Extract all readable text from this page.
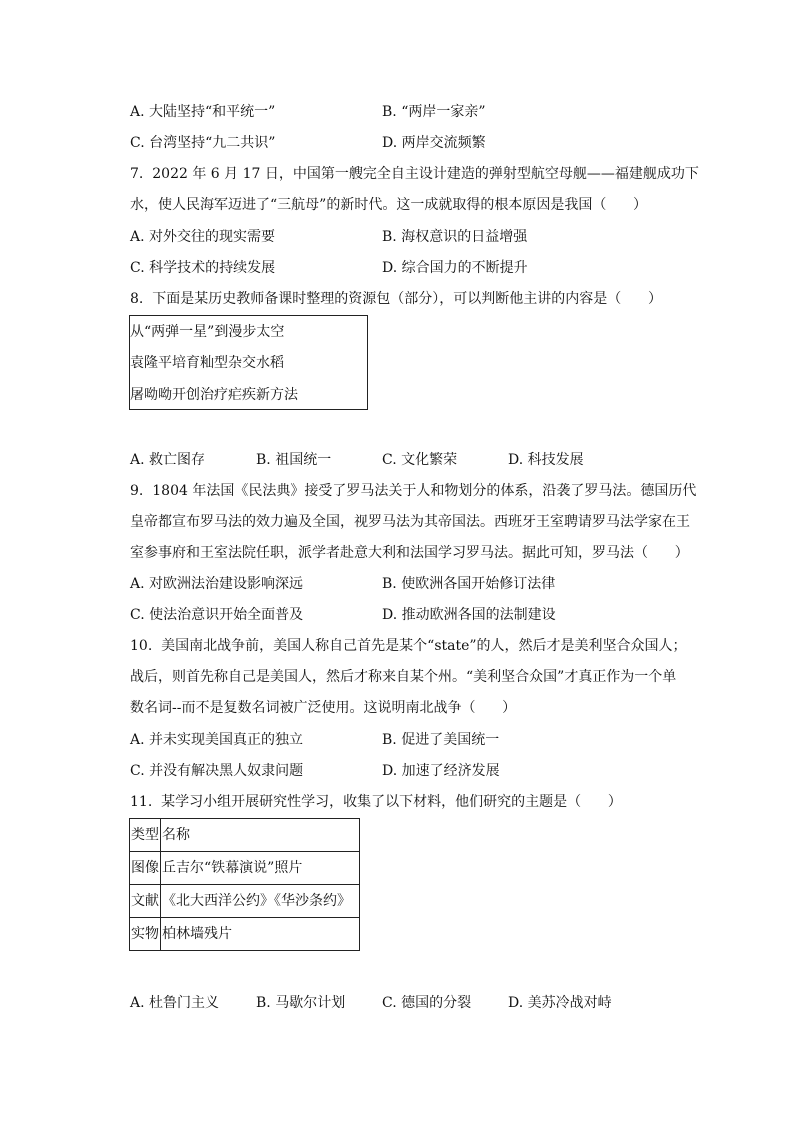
A. 大陆坚持“和平统一”	B. “两岸一家亲”
C. 台湾坚持“九二共识”	D. 两岸交流频繁
7.  2022 年 6 月 17 日，中国第一艘完全自主设计建造的弹射型航空母舰——福建舰成功下
水，使人民海军迈进了“三航母”的新时代。这一成就取得的根本原因是我国（      ）
A. 对外交往的现实需要	B. 海权意识的日益增强
C. 科学技术的持续发展	D. 综合国力的不断提升
8.  下面是某历史教师备课时整理的资源包（部分），可以判断他主讲的内容是（      ）
从“两弹一星”到漫步太空
袁隆平培育籼型杂交水稻
屠呦呦开创治疗疟疾新方法
A. 救亡图存	B. 祖国统一	C. 文化繁荣	D. 科技发展
9.  1804 年法国《民法典》接受了罗马法关于人和物划分的体系，沿袭了罗马法。德国历代
皇帝都宣布罗马法的效力遍及全国，视罗马法为其帝国法。西班牙王室聘请罗马法学家在王
室参事府和王室法院任职，派学者赴意大利和法国学习罗马法。据此可知，罗马法（      ）
A. 对欧洲法治建设影响深远	B. 使欧洲各国开始修订法律
C. 使法治意识开始全面普及	D. 推动欧洲各国的法制建设
10.  美国南北战争前，美国人称自己首先是某个“state”的人，然后才是美利坚合众国人；
战后，则首先称自己是美国人，然后才称来自某个州。“美利坚合众国”才真正作为一个单
数名词--而不是复数名词被广泛使用。这说明南北战争（      ）
A. 并未实现美国真正的独立	B. 促进了美国统一
C. 并没有解决黑人奴隶问题	D. 加速了经济发展
11.  某学习小组开展研究性学习，收集了以下材料，他们研究的主题是（      ）
类型	名称
图像	丘吉尔“铁幕演说”照片
文献	《北大西洋公约》《华沙条约》
实物	柏林墙残片
A. 杜鲁门主义	B. 马歇尔计划	C. 德国的分裂	D. 美苏冷战对峙
